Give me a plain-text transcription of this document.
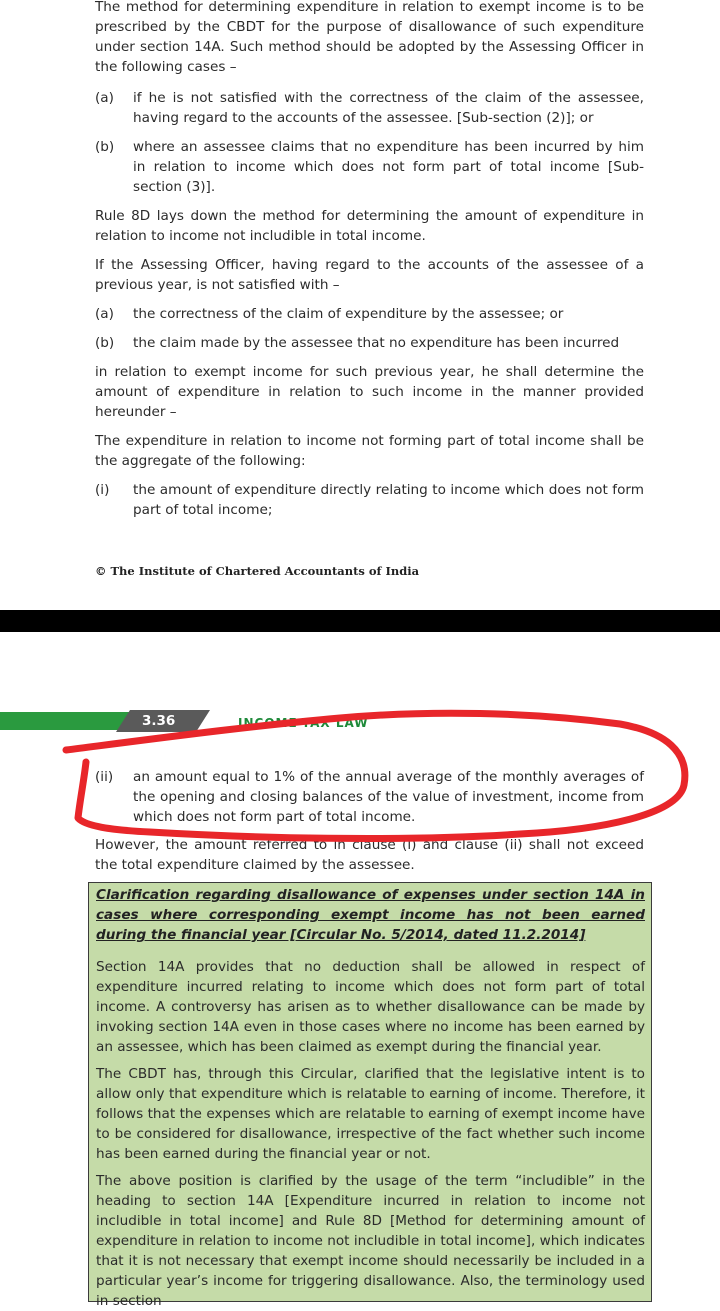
The method for determining expenditure in relation to exempt income is to be prescribed by the CBDT for the purpose of disallowance of such expenditure under section 14A. Such method should be adopted by the Assessing Officer in the following cases –
(a) if he is not satisfied with the correctness of the claim of the assessee, having regard to the accounts of the assessee. [Sub-section (2)]; or
(b) where an assessee claims that no expenditure has been incurred by him in relation to income which does not form part of total income [Sub-section (3)].
Rule 8D lays down the method for determining the amount of expenditure in relation to income not includible in total income.
If the Assessing Officer, having regard to the accounts of the assessee of a previous year, is not satisfied with –
(a) the correctness of the claim of expenditure by the assessee; or
(b) the claim made by the assessee that no expenditure has been incurred
in relation to exempt income for such previous year, he shall determine the amount of expenditure in relation to such income in the manner provided hereunder –
The expenditure in relation to income not forming part of total income shall be the aggregate of the following:
(i) the amount of expenditure directly relating to income which does not form part of total income;
© The Institute of Chartered Accountants of India
3.36	INCOME-TAX LAW
(ii) an amount equal to 1% of the annual average of the monthly averages of the opening and closing balances of the value of investment, income from which does not form part of total income.
However, the amount referred to in clause (i) and clause (ii) shall not exceed the total expenditure claimed by the assessee.
Clarification regarding disallowance of expenses under section 14A in cases where corresponding exempt income has not been earned during the financial year [Circular No. 5/2014, dated 11.2.2014]
Section 14A provides that no deduction shall be allowed in respect of expenditure incurred relating to income which does not form part of total income. A controversy has arisen as to whether disallowance can be made by invoking section 14A even in those cases where no income has been earned by an assessee, which has been claimed as exempt during the financial year.
The CBDT has, through this Circular, clarified that the legislative intent is to allow only that expenditure which is relatable to earning of income. Therefore, it follows that the expenses which are relatable to earning of exempt income have to be considered for disallowance, irrespective of the fact whether such income has been earned during the financial year or not.
The above position is clarified by the usage of the term “includible” in the heading to section 14A [Expenditure incurred in relation to income not includible in total income] and Rule 8D [Method for determining amount of expenditure in relation to income not includible in total income], which indicates that it is not necessary that exempt income should necessarily be included in a particular year’s income for triggering disallowance. Also, the terminology used in section
